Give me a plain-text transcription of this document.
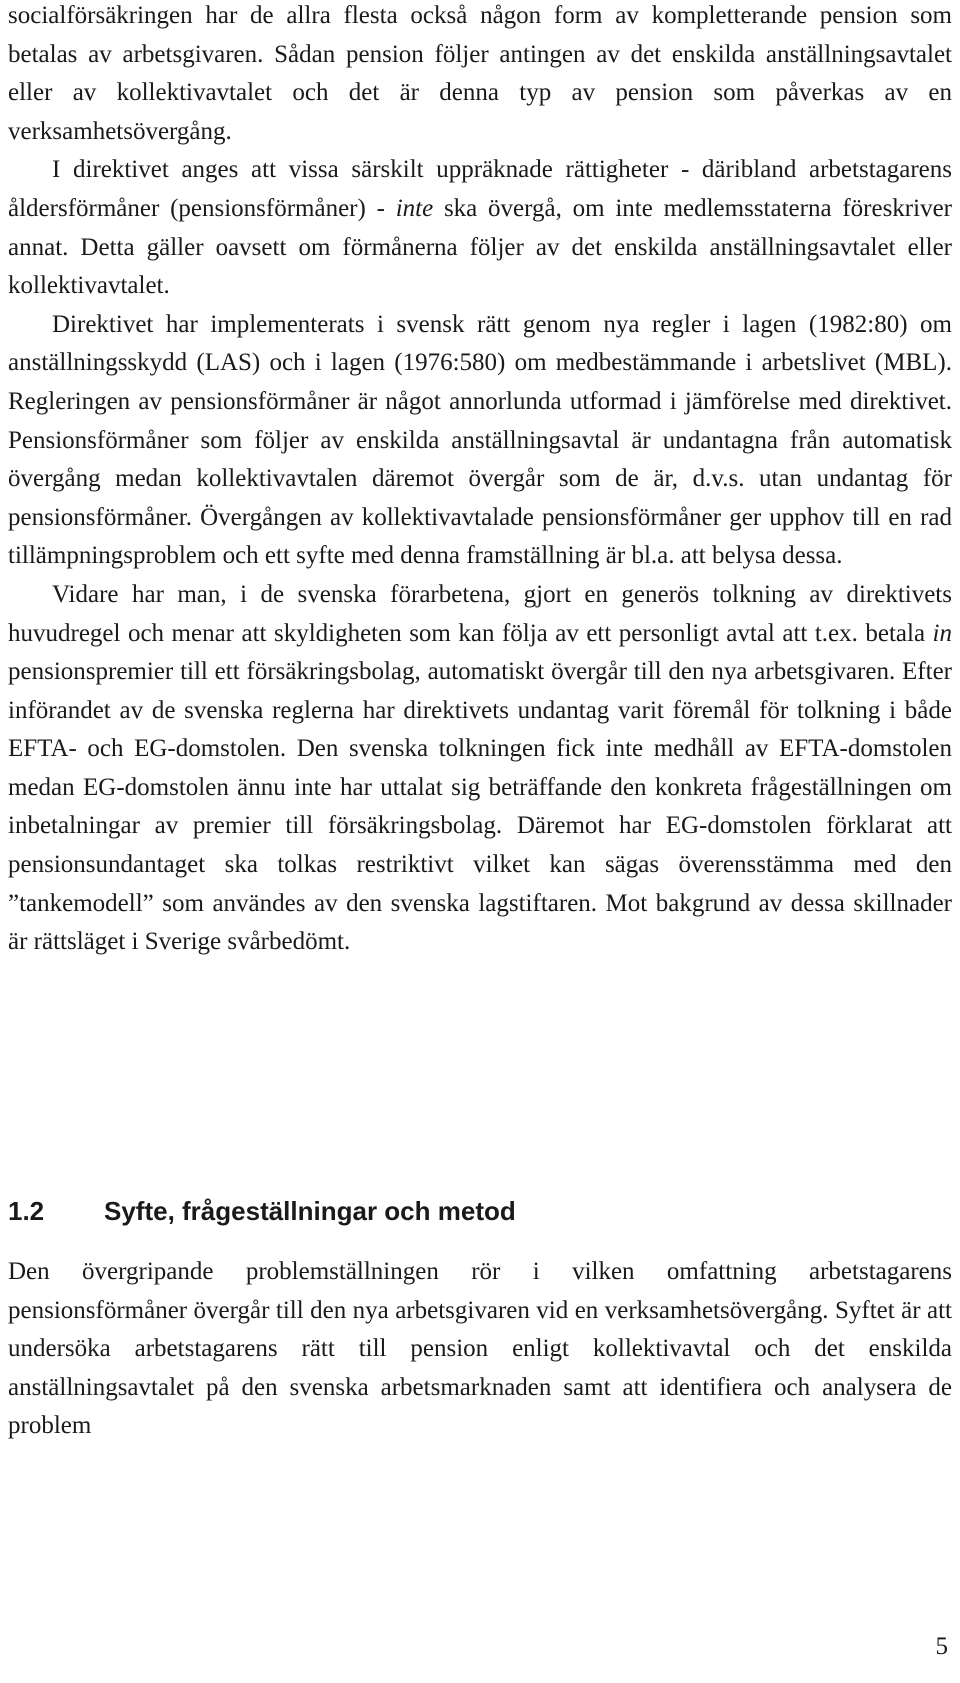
socialförsäkringen har de allra flesta också någon form av kompletterande pension som betalas av arbetsgivaren. Sådan pension följer antingen av det enskilda anställningsavtalet eller av kollektivavtalet och det är denna typ av pension som påverkas av en verksamhetsövergång.

I direktivet anges att vissa särskilt uppräknade rättigheter - däribland arbetstagarens åldersförmåner (pensionsförmåner) - inte ska övergå, om inte medlemsstaterna föreskriver annat. Detta gäller oavsett om förmånerna följer av det enskilda anställningsavtalet eller kollektivavtalet.

Direktivet har implementerats i svensk rätt genom nya regler i lagen (1982:80) om anställningsskydd (LAS) och i lagen (1976:580) om medbestämmande i arbetslivet (MBL). Regleringen av pensionsförmåner är något annorlunda utformad i jämförelse med direktivet. Pensionsförmåner som följer av enskilda anställningsavtal är undantagna från automatisk övergång medan kollektivavtalen däremot övergår som de är, d.v.s. utan undantag för pensionsförmåner. Övergången av kollektivavtalade pensionsförmåner ger upphov till en rad tillämpningsproblem och ett syfte med denna framställning är bl.a. att belysa dessa.

Vidare har man, i de svenska förarbetena, gjort en generös tolkning av direktivets huvudregel och menar att skyldigheten som kan följa av ett personligt avtal att t.ex. betala in pensionspremier till ett försäkringsbolag, automatiskt övergår till den nya arbetsgivaren. Efter införandet av de svenska reglerna har direktivets undantag varit föremål för tolkning i både EFTA- och EG-domstolen. Den svenska tolkningen fick inte medhåll av EFTA-domstolen medan EG-domstolen ännu inte har uttalat sig beträffande den konkreta frågeställningen om inbetalningar av premier till försäkringsbolag. Däremot har EG-domstolen förklarat att pensionsundantaget ska tolkas restriktivt vilket kan sägas överensstämma med den ”tankemodell” som användes av den svenska lagstiftaren. Mot bakgrund av dessa skillnader är rättsläget i Sverige svårbedömt.

1.2	Syfte, frågeställningar och metod

Den övergripande problemställningen rör i vilken omfattning arbetstagarens pensionsförmåner övergår till den nya arbetsgivaren vid en verksamhetsövergång. Syftet är att undersöka arbetstagarens rätt till pension enligt kollektivavtal och det enskilda anställningsavtalet på den svenska arbetsmarknaden samt att identifiera och analysera de problem

5
